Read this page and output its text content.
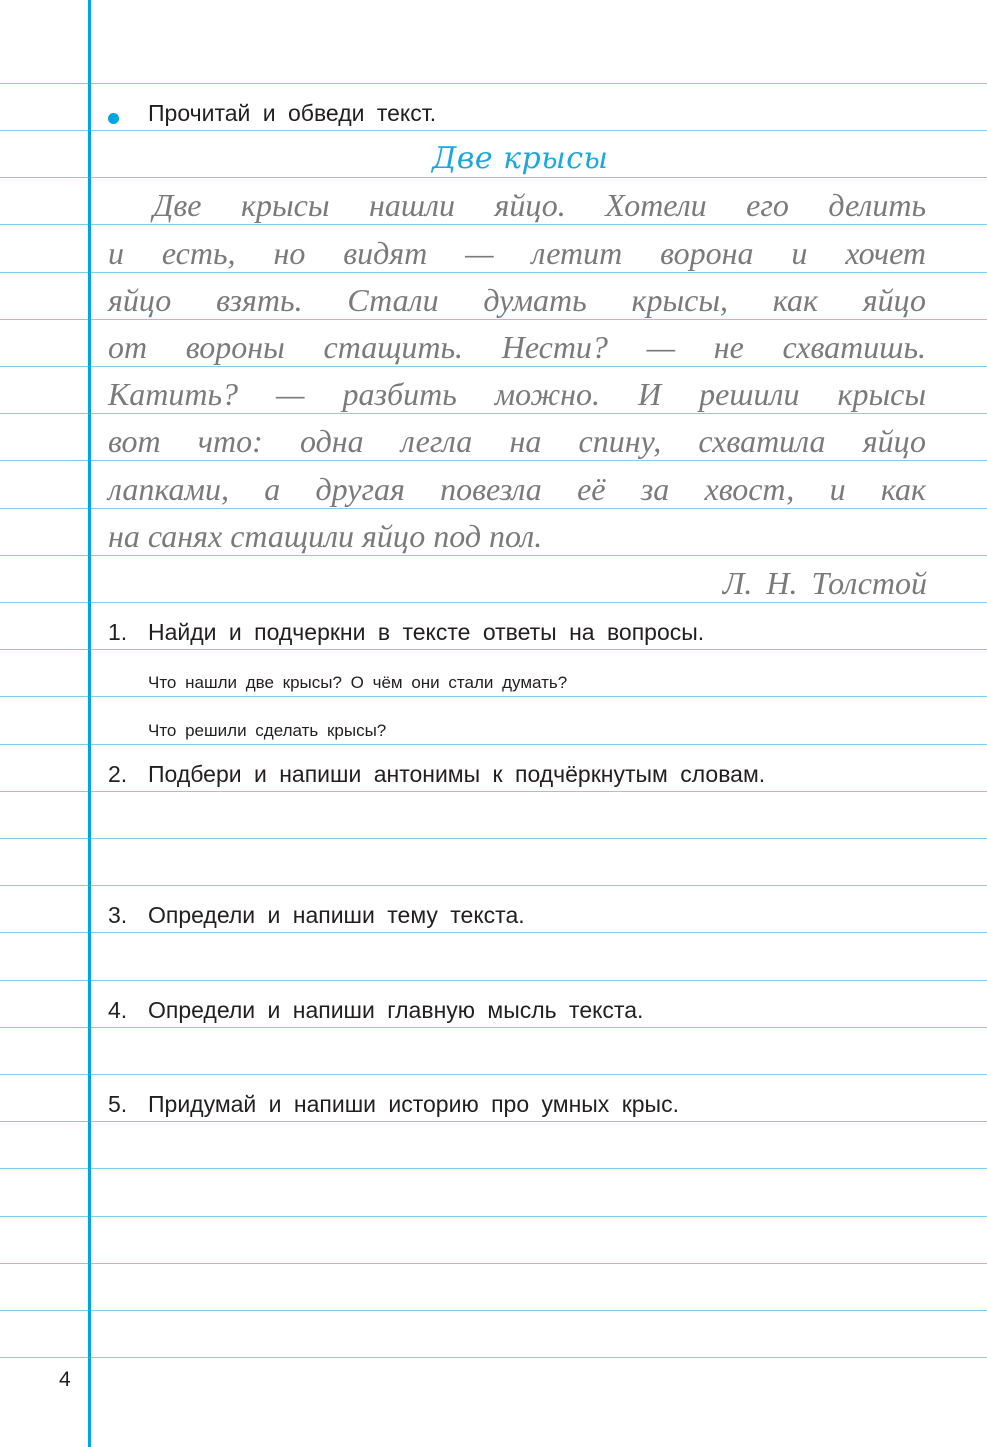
Прочитай и обведи текст.
Две крысы
Две крысы нашли яйцо. Хотели его делить
и есть, но видят — летит ворона и хочет
яйцо взять. Стали думать крысы, как яйцо
от вороны стащить. Нести? — не схватишь.
Катить? — разбить можно. И решили крысы
вот что: одна легла на спину, схватила яйцо
лапками, а другая повезла её за хвост, и как
на санях стащили яйцо под пол.
Л. Н. Толстой
1. Найди и подчеркни в тексте ответы на вопросы.
Что нашли две крысы? О чём они стали думать?
Что решили сделать крысы?
2. Подбери и напиши антонимы к подчёркнутым словам.
3. Определи и напиши тему текста.
4. Определи и напиши главную мысль текста.
5. Придумай и напиши историю про умных крыс.
4
